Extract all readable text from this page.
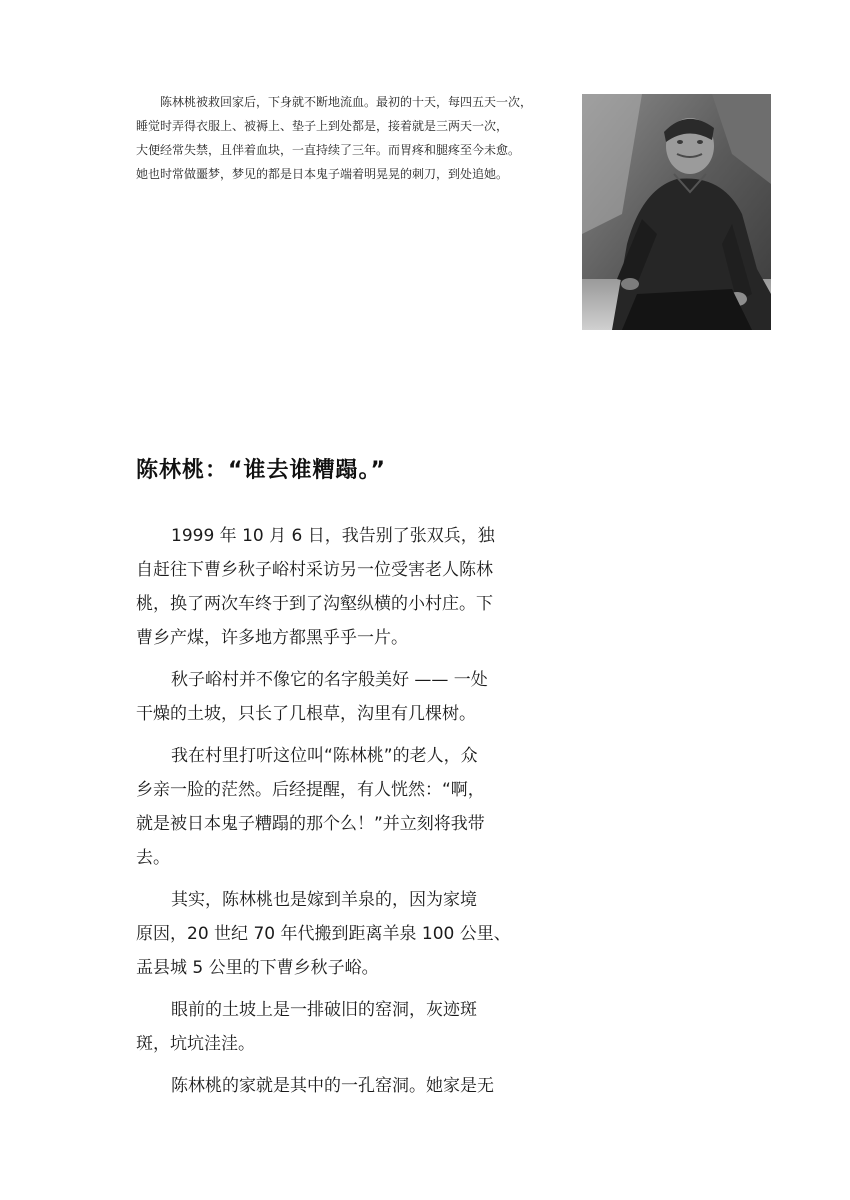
陈林桃被救回家后，下身就不断地流血。最初的十天，每四五天一次，
睡觉时弄得衣服上、被褥上、垫子上到处都是，接着就是三两天一次，
大便经常失禁，且伴着血块，一直持续了三年。而胃疼和腿疼至今未愈。
她也时常做噩梦，梦见的都是日本鬼子端着明晃晃的刺刀，到处追她。
陈林桃：“谁去谁糟蹋。”

1999 年 10 月 6 日，我告别了张双兵，独
自赶往下曹乡秋子峪村采访另一位受害老人陈林
桃，换了两次车终于到了沟壑纵横的小村庄。下
曹乡产煤，许多地方都黑乎乎一片。

秋子峪村并不像它的名字般美好 —— 一处
干燥的土坡，只长了几根草，沟里有几棵树。

我在村里打听这位叫“陈林桃”的老人，众
乡亲一脸的茫然。后经提醒，有人恍然：“啊，
就是被日本鬼子糟蹋的那个么！”并立刻将我带
去。

其实，陈林桃也是嫁到羊泉的，因为家境
原因，20 世纪 70 年代搬到距离羊泉 100 公里、
盂县城 5 公里的下曹乡秋子峪。

眼前的土坡上是一排破旧的窑洞，灰迹斑
斑，坑坑洼洼。

陈林桃的家就是其中的一孔窑洞。她家是无
